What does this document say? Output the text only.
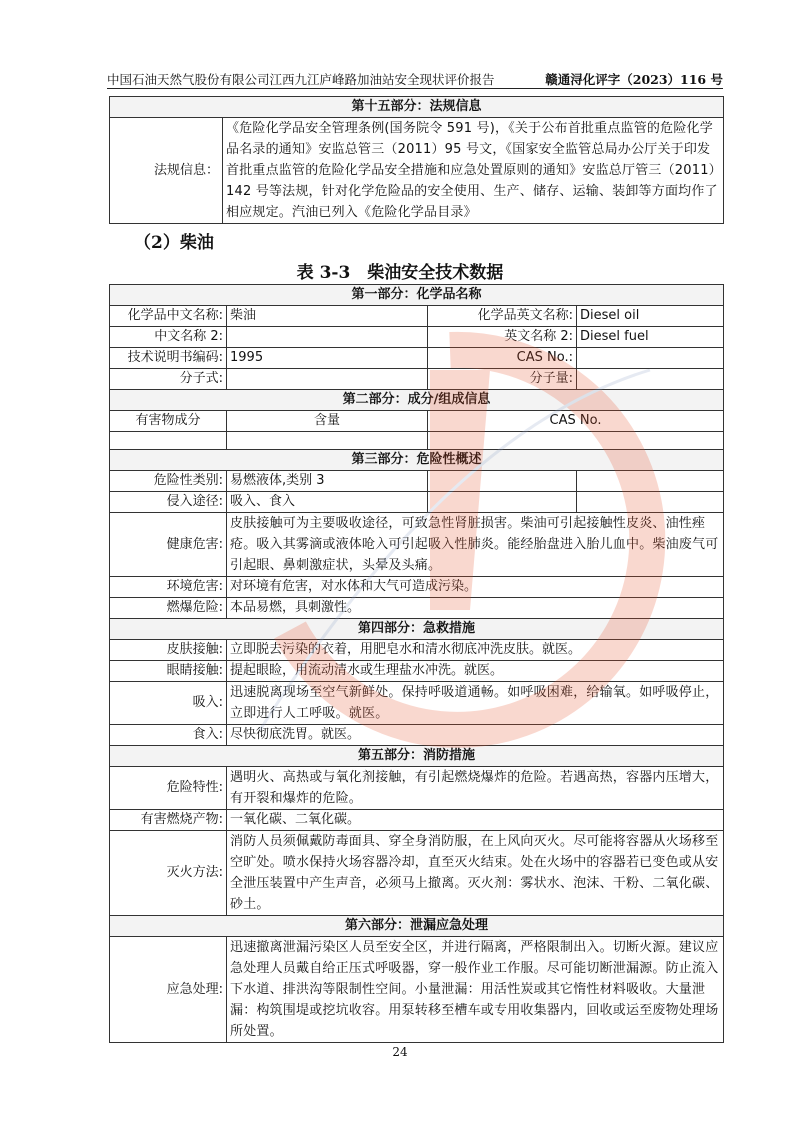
中国石油天然气股份有限公司江西九江庐峰路加油站安全现状评价报告	赣通浔化评字（2023）116 号
第十五部分：法规信息
法规信息：	《危险化学品安全管理条例(国务院令 591 号)，《关于公布首批重点监管的危险化学品名录的通知》安监总管三（2011）95 号文，《国家安全监管总局办公厅关于印发首批重点监管的危险化学品安全措施和应急处置原则的通知》安监总厅管三（2011）142 号等法规，针对化学危险品的安全使用、生产、储存、运输、装卸等方面均作了相应规定。汽油已列入《危险化学品目录》
（2）柴油
表 3-3　柴油安全技术数据
第一部分：化学品名称			
化学品中文名称:	柴油	化学品英文名称:	Diesel oil
中文名称 2:		英文名称 2:	Diesel fuel
技术说明书编码:	1995	CAS No.:	
分子式:		分子量:	
第二部分：成分/组成信息			
有害物成分	含量	CAS No.	

第三部分：危险性概述			
危险性类别:	易燃液体,类别 3		
侵入途径:	吸入、食入		
健康危害:	皮肤接触可为主要吸收途径，可致急性肾脏损害。柴油可引起接触性皮炎、油性痤疮。吸入其雾滴或液体呛入可引起吸入性肺炎。能经胎盘进入胎儿血中。柴油废气可引起眼、鼻刺激症状，头晕及头痛。		
环境危害:	对环境有危害，对水体和大气可造成污染。		
燃爆危险:	本品易燃，具刺激性。		
第四部分：急救措施			
皮肤接触:	立即脱去污染的衣着，用肥皂水和清水彻底冲洗皮肤。就医。		
眼睛接触:	提起眼睑，用流动清水或生理盐水冲洗。就医。		
吸入:	迅速脱离现场至空气新鲜处。保持呼吸道通畅。如呼吸困难，给输氧。如呼吸停止，立即进行人工呼吸。就医。		
食入:	尽快彻底洗胃。就医。		
第五部分：消防措施			
危险特性:	遇明火、高热或与氧化剂接触，有引起燃烧爆炸的危险。若遇高热，容器内压增大，有开裂和爆炸的危险。		
有害燃烧产物:	一氧化碳、二氧化碳。		
灭火方法:	消防人员须佩戴防毒面具、穿全身消防服，在上风向灭火。尽可能将容器从火场移至空旷处。喷水保持火场容器冷却，直至灭火结束。处在火场中的容器若已变色或从安全泄压装置中产生声音，必须马上撤离。灭火剂：雾状水、泡沫、干粉、二氧化碳、砂土。		
第六部分：泄漏应急处理			
应急处理:	迅速撤离泄漏污染区人员至安全区，并进行隔离，严格限制出入。切断火源。建议应急处理人员戴自给正压式呼吸器，穿一般作业工作服。尽可能切断泄漏源。防止流入下水道、排洪沟等限制性空间。小量泄漏：用活性炭或其它惰性材料吸收。大量泄漏：构筑围堤或挖坑收容。用泵转移至槽车或专用收集器内，回收或运至废物处理场所处置。		
24
